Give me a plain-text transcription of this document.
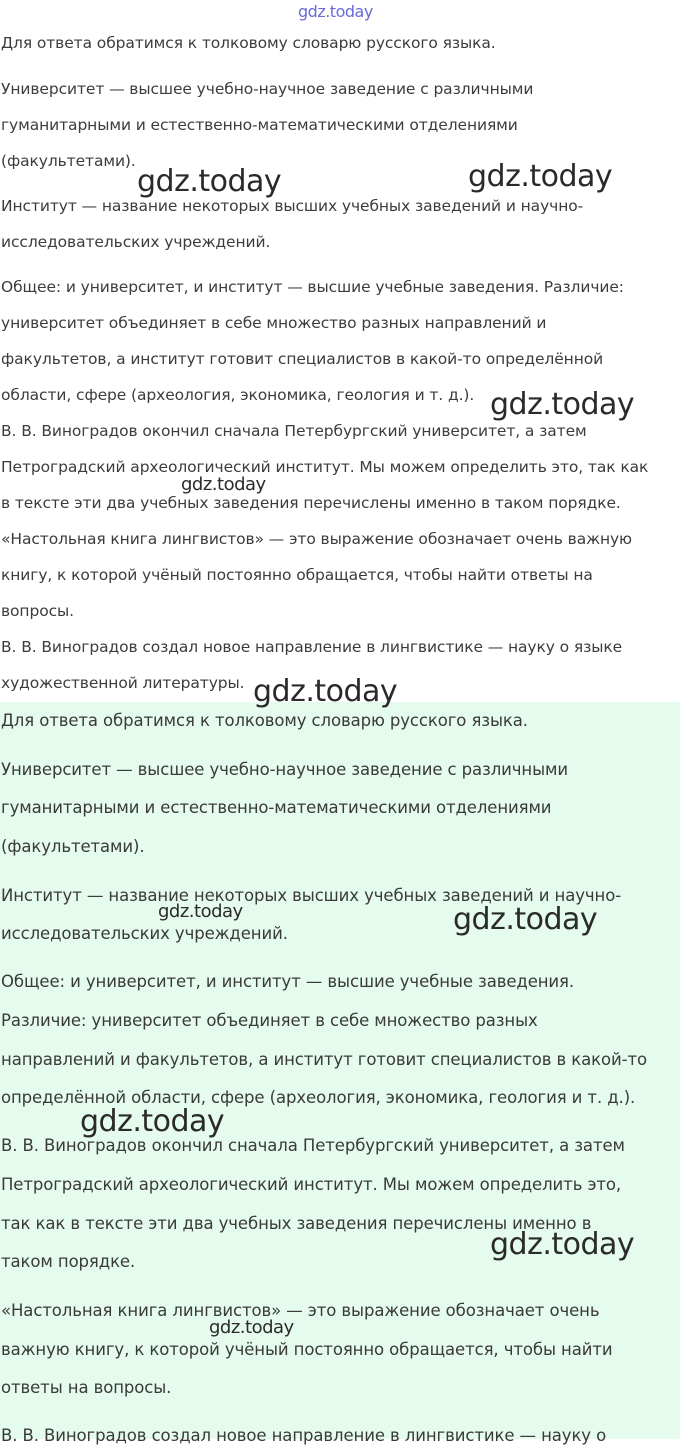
Для ответа обратимся к толковому словарю русского языка.
Университет — высшее учебно-научное заведение с различными
гуманитарными и естественно-математическими отделениями
(факультетами).
Институт — название некоторых высших учебных заведений и научно-
исследовательских учреждений.
Общее: и университет, и институт — высшие учебные заведения. Различие:
университет объединяет в себе множество разных направлений и
факультетов, а институт готовит специалистов в какой-то определённой
области, сфере (археология, экономика, геология и т. д.).
В. В. Виноградов окончил сначала Петербургский университет, а затем
Петроградский археологический институт. Мы можем определить это, так как
в тексте эти два учебных заведения перечислены именно в таком порядке.
«Настольная книга лингвистов» — это выражение обозначает очень важную
книгу, к которой учёный постоянно обращается, чтобы найти ответы на
вопросы.
В. В. Виноградов создал новое направление в лингвистике — науку о языке
художественной литературы.
Для ответа обратимся к толковому словарю русского языка.
Университет — высшее учебно-научное заведение с различными
гуманитарными и естественно-математическими отделениями
(факультетами).
Институт — название некоторых высших учебных заведений и научно-
исследовательских учреждений.
Общее: и университет, и институт — высшие учебные заведения.
Различие: университет объединяет в себе множество разных
направлений и факультетов, а институт готовит специалистов в какой-то
определённой области, сфере (археология, экономика, геология и т. д.).
В. В. Виноградов окончил сначала Петербургский университет, а затем
Петроградский археологический институт. Мы можем определить это,
так как в тексте эти два учебных заведения перечислены именно в
таком порядке.
«Настольная книга лингвистов» — это выражение обозначает очень
важную книгу, к которой учёный постоянно обращается, чтобы найти
ответы на вопросы.
В. В. Виноградов создал новое направление в лингвистике — науку о
gdz.today
gdz.today	gdz.today
gdz.today
gdz.today
gdz.today
gdz.today	gdz.today
gdz.today
gdz.today
gdz.today
